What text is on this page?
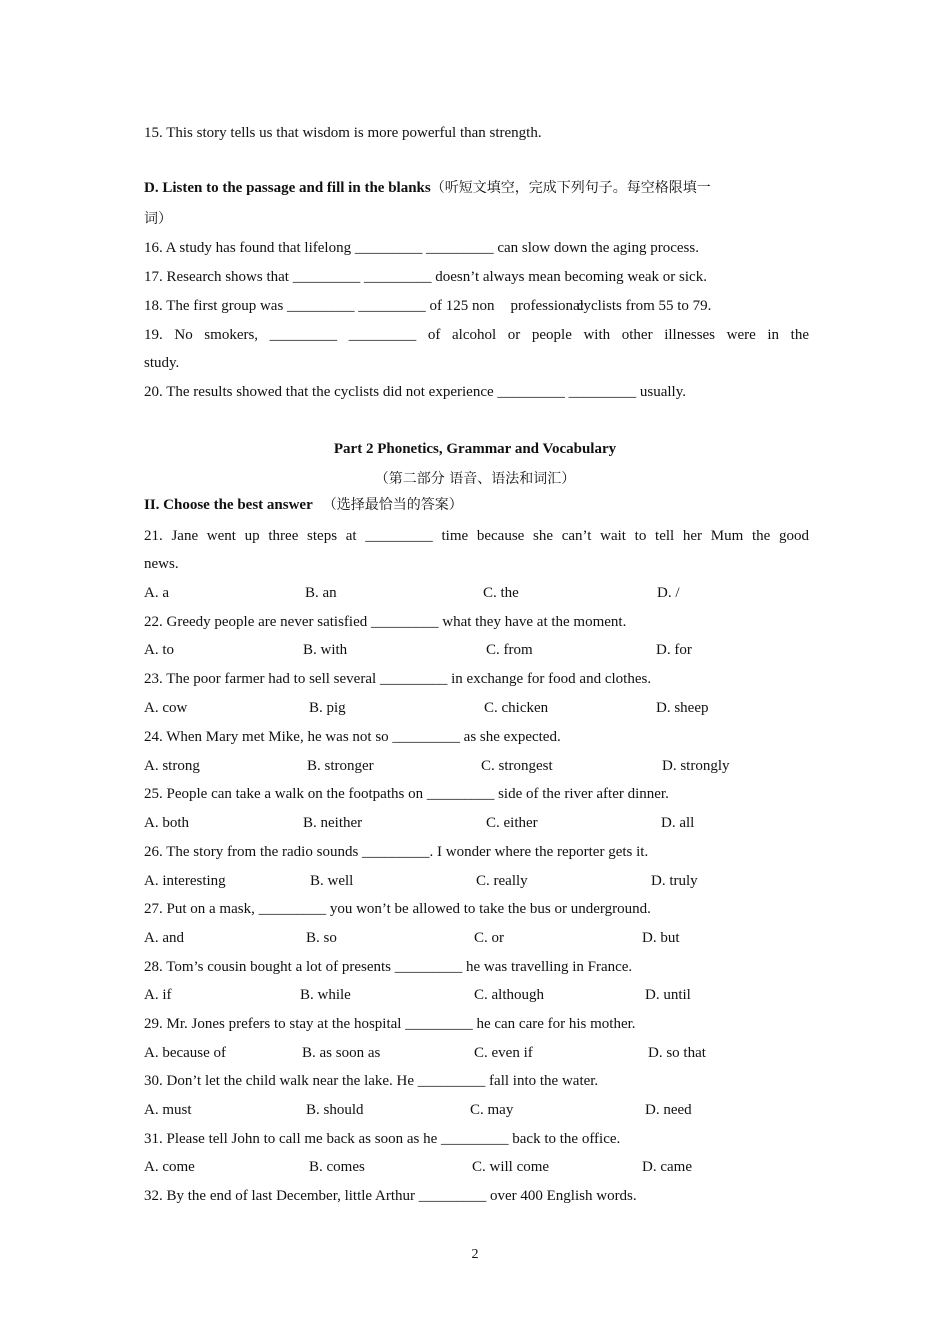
15. This story tells us that wisdom is more powerful than strength.
D. Listen to the passage and fill in the blanks（听短文填空，完成下列句子。每空格限填一
词）
16. A study has found that lifelong _________ _________ can slow down the aging process.
17. Research shows that _________ _________ doesn’t always mean becoming weak or sick.
18. The first group was _________ _________ of 125 non professionalcyclists from 55 to 79.
19. No smokers, _________ _________ of alcohol or people with other illnesses were in the
study.
20. The results showed that the cyclists did not experience _________ _________ usually.
Part 2 Phonetics, Grammar and Vocabulary
（第二部分 语音、语法和词汇）
II. Choose the best answer （选择最恰当的答案）
21. Jane went up three steps at _________ time because she can’t wait to tell her Mum the good
news.
A. a	B. an	C. the	D. /
22. Greedy people are never satisfied _________ what they have at the moment.
A. to	B. with	C. from	D. for
23. The poor farmer had to sell several _________ in exchange for food and clothes.
A. cow	B. pig	C. chicken	D. sheep
24. When Mary met Mike, he was not so _________ as she expected.
A. strong	B. stronger	C. strongest	D. strongly
25. People can take a walk on the footpaths on _________ side of the river after dinner.
A. both	B. neither	C. either	D. all
26. The story from the radio sounds _________. I wonder where the reporter gets it.
A. interesting	B. well	C. really	D. truly
27. Put on a mask, _________ you won’t be allowed to take the bus or underground.
A. and	B. so	C. or	D. but
28. Tom’s cousin bought a lot of presents _________ he was travelling in France.
A. if	B. while	C. although	D. until
29. Mr. Jones prefers to stay at the hospital _________ he can care for his mother.
A. because of	B. as soon as	C. even if	D. so that
30. Don’t let the child walk near the lake. He _________ fall into the water.
A. must	B. should	C. may	D. need
31. Please tell John to call me back as soon as he _________ back to the office.
A. come	B. comes	C. will come	D. came
32. By the end of last December, little Arthur _________ over 400 English words.
2
